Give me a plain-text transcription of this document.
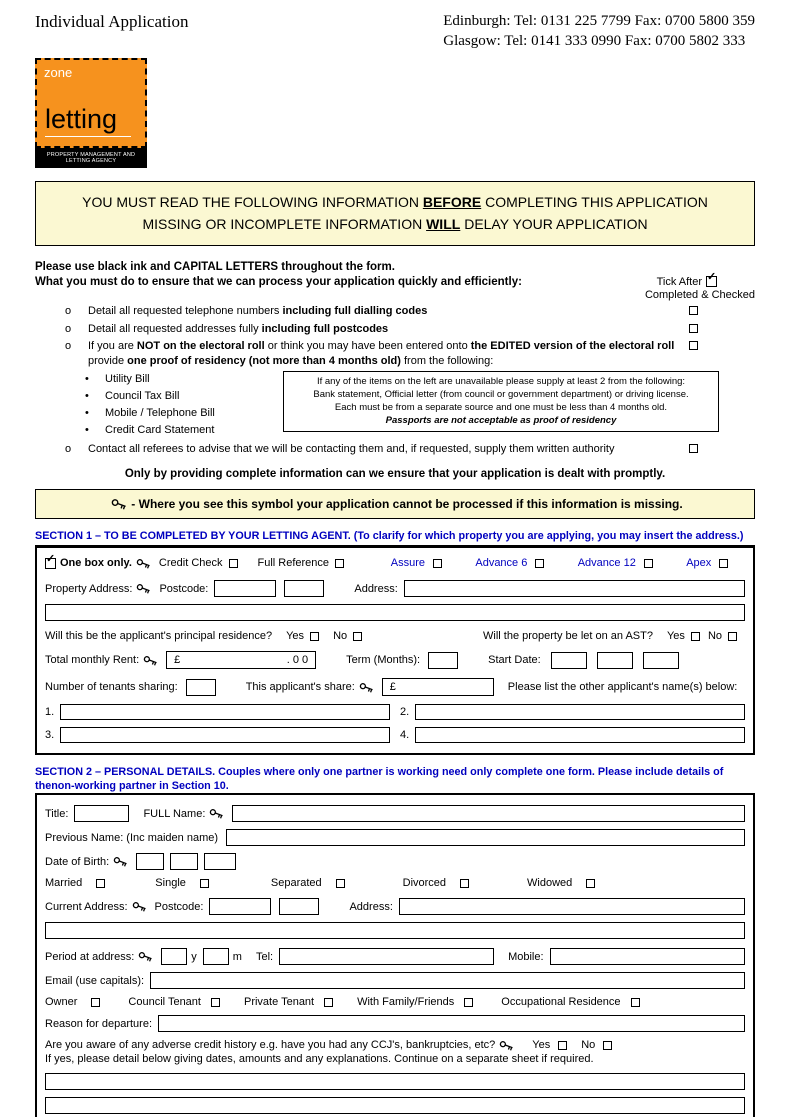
Individual Application	Edinburgh: Tel: 0131 225 7799 Fax: 0700 5800 359
Glasgow: Tel: 0141 333 0990 Fax: 0700 5802 333
zone
letting
PROPERTY MANAGEMENT AND LETTING AGENCY
YOU MUST READ THE FOLLOWING INFORMATION BEFORE COMPLETING THIS APPLICATION
MISSING OR INCOMPLETE INFORMATION WILL DELAY YOUR APPLICATION
Please use black ink and CAPITAL LETTERS throughout the form.
What you must do to ensure that we can process your application quickly and efficiently:	Tick After ✓
Completed & Checked
o	Detail all requested telephone numbers including full dialling codes
o	Detail all requested addresses fully including full postcodes
o	If you are NOT on the electoral roll or think you may have been entered onto the EDITED version of the electoral roll provide one proof of residency (not more than 4 months old) from the following:
•	Utility Bill
•	Council Tax Bill
•	Mobile / Telephone Bill
•	Credit Card Statement
If any of the items on the left are unavailable please supply at least 2 from the following:
Bank statement, Official letter (from council or government department) or driving license.
Each must be from a separate source and one must be less than 4 months old.
Passports are not acceptable as proof of residency
o	Contact all referees to advise that we will be contacting them and, if requested, supply them written authority
Only by providing complete information can we ensure that your application is dealt with promptly.
- Where you see this symbol your application cannot be processed if this information is missing.
SECTION 1 – TO BE COMPLETED BY YOUR LETTING AGENT. (To clarify for which property you are applying, you may insert the address.)
✓ One box only. Credit Check	Full Reference	Assure	Advance 6	Advance 12	Apex
Property Address: Postcode:	Address:
Will this be the applicant's principal residence? Yes	No	Will the property be let on an AST? Yes No
Total monthly Rent:	£	. 0 0	Term (Months):	Start Date:
Number of tenants sharing:	This applicant's share:	£	Please list the other applicant's name(s) below:
1.	2.
3.	4.
SECTION 2 – PERSONAL DETAILS. Couples where only one partner is working need only complete one form. Please include details of
thenon-working partner in Section 10.
Title:	FULL Name:
Previous Name: (Inc maiden name)
Date of Birth:
Married	Single	Separated	Divorced	Widowed
Current Address: Postcode:	Address:
Period at address:	y	m Tel:	Mobile:
Email (use capitals):
Owner	Council Tenant	Private Tenant	With Family/Friends	Occupational Residence
Reason for departure:
Are you aware of any adverse credit history e.g. have you had any CCJ's, bankruptcies, etc?	Yes	No
If yes, please detail below giving dates, amounts and any explanations. Continue on a separate sheet if required.
